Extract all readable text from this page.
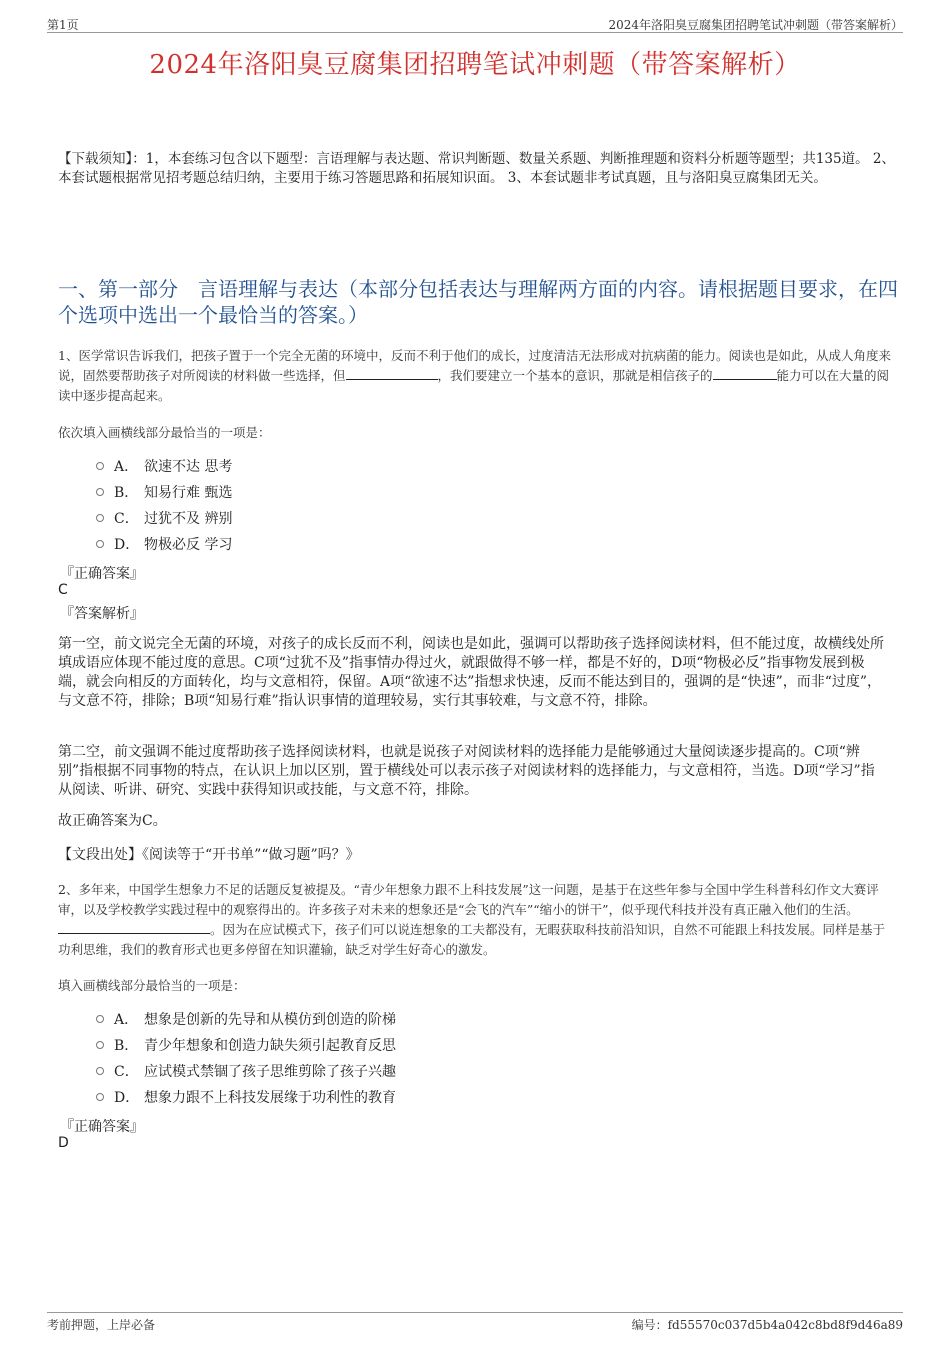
第1页	2024年洛阳臭豆腐集团招聘笔试冲刺题（带答案解析）
2024年洛阳臭豆腐集团招聘笔试冲刺题（带答案解析）
【下载须知】：1，本套练习包含以下题型：言语理解与表达题、常识判断题、数量关系题、判断推理题和资料分析题等题型；共135道。 2、本套试题根据常见招考题总结归纳，主要用于练习答题思路和拓展知识面。 3、本套试题非考试真题，且与洛阳臭豆腐集团无关。
一、第一部分　言语理解与表达（本部分包括表达与理解两方面的内容。请根据题目要求，在四个选项中选出一个最恰当的答案。）
1、医学常识告诉我们，把孩子置于一个完全无菌的环境中，反而不利于他们的成长，过度清洁无法形成对抗病菌的能力。阅读也是如此，从成人角度来说，固然要帮助孩子对所阅读的材料做一些选择，但	，我们要建立一个基本的意识，那就是相信孩子的	能力可以在大量的阅读中逐步提高起来。
依次填入画横线部分最恰当的一项是：
A． 欲速不达 思考
B． 知易行难 甄选
C． 过犹不及 辨别
D． 物极必反 学习
『正确答案』
C
『答案解析』
第一空，前文说完全无菌的环境，对孩子的成长反而不利，阅读也是如此，强调可以帮助孩子选择阅读材料，但不能过度，故横线处所填成语应体现不能过度的意思。C项“过犹不及”指事情办得过火，就跟做得不够一样，都是不好的，D项“物极必反”指事物发展到极端，就会向相反的方面转化，均与文意相符，保留。A项“欲速不达”指想求快速，反而不能达到目的，强调的是“快速”，而非“过度”，与文意不符，排除；B项“知易行难”指认识事情的道理较易，实行其事较难，与文意不符，排除。
第二空，前文强调不能过度帮助孩子选择阅读材料，也就是说孩子对阅读材料的选择能力是能够通过大量阅读逐步提高的。C项“辨别”指根据不同事物的特点，在认识上加以区别，置于横线处可以表示孩子对阅读材料的选择能力，与文意相符，当选。D项“学习”指从阅读、听讲、研究、实践中获得知识或技能，与文意不符，排除。
故正确答案为C。
【文段出处】《阅读等于“开书单”“做习题”吗？》
2、多年来，中国学生想象力不足的话题反复被提及。“青少年想象力跟不上科技发展”这一问题，是基于在这些年参与全国中学生科普科幻作文大赛评审，以及学校教学实践过程中的观察得出的。许多孩子对未来的想象还是“会飞的汽车”“缩小的饼干”，似乎现代科技并没有真正融入他们的生活。。因为在应试模式下，孩子们可以说连想象的工夫都没有，无暇获取科技前沿知识，自然不可能跟上科技发展。同样是基于功利思维，我们的教育形式也更多停留在知识灌输，缺乏对学生好奇心的激发。
填入画横线部分最恰当的一项是：
A． 想象是创新的先导和从模仿到创造的阶梯
B． 青少年想象和创造力缺失须引起教育反思
C． 应试模式禁锢了孩子思维剪除了孩子兴趣
D． 想象力跟不上科技发展缘于功利性的教育
『正确答案』
D
考前押题，上岸必备	编号：fd55570c037d5b4a042c8bd8f9d46a89
